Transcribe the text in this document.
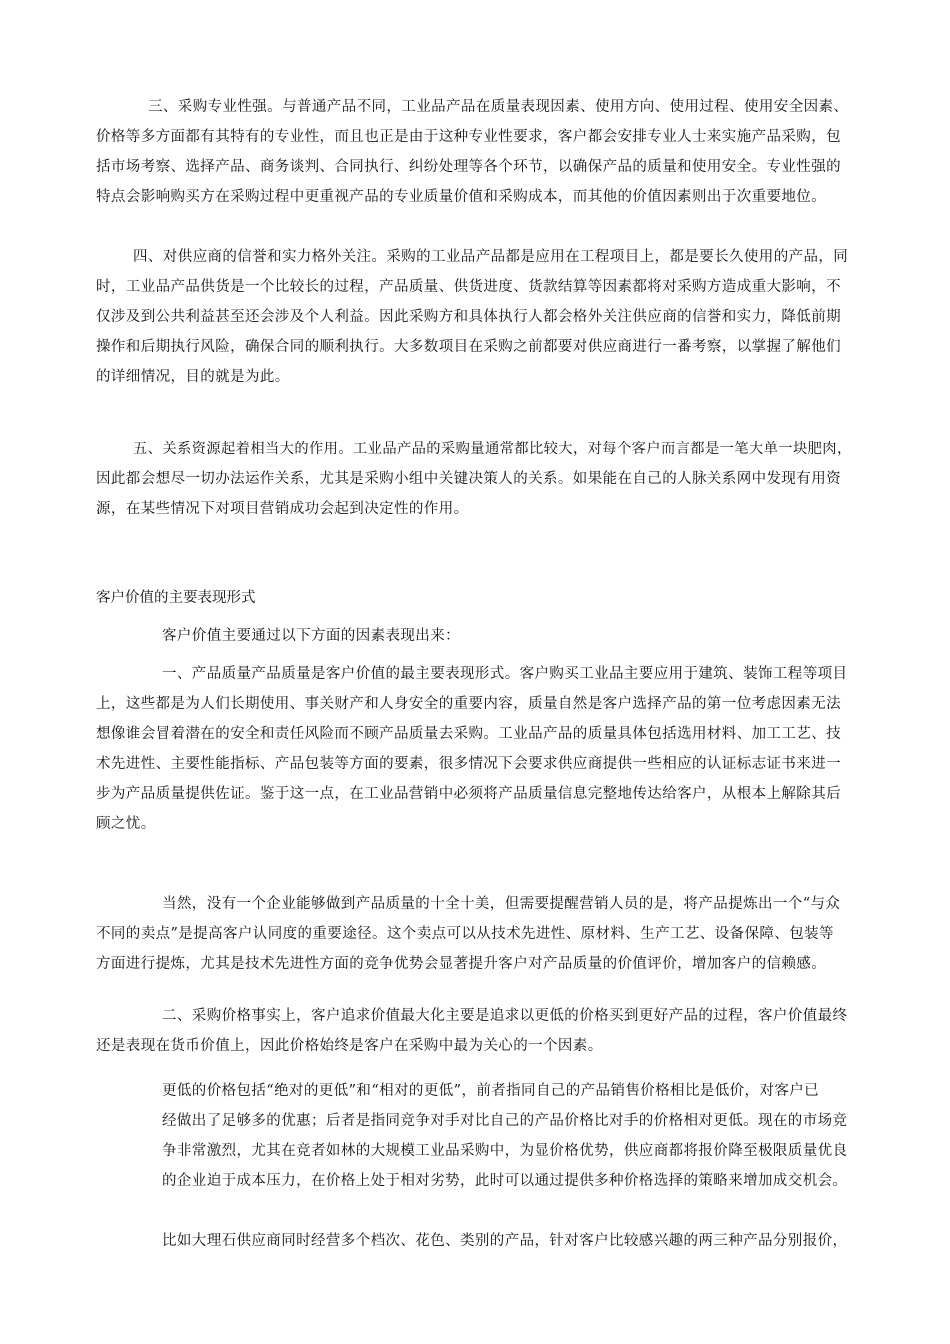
三、采购专业性强。与普通产品不同，工业品产品在质量表现因素、使用方向、使用过程、使用安全因素、
价格等多方面都有其特有的专业性，而且也正是由于这种专业性要求，客户都会安排专业人士来实施产品采购，包
括市场考察、选择产品、商务谈判、合同执行、纠纷处理等各个环节，以确保产品的质量和使用安全。专业性强的
特点会影响购买方在采购过程中更重视产品的专业质量价值和采购成本，而其他的价值因素则出于次重要地位。

四、对供应商的信誉和实力格外关注。采购的工业品产品都是应用在工程项目上，都是要长久使用的产品，同
时，工业品产品供货是一个比较长的过程，产品质量、供货进度、货款结算等因素都将对采购方造成重大影响，不
仅涉及到公共利益甚至还会涉及个人利益。因此采购方和具体执行人都会格外关注供应商的信誉和实力，降低前期
操作和后期执行风险，确保合同的顺利执行。大多数项目在采购之前都要对供应商进行一番考察，以掌握了解他们
的详细情况，目的就是为此。

五、关系资源起着相当大的作用。工业品产品的采购量通常都比较大，对每个客户而言都是一笔大单一块肥肉，
因此都会想尽一切办法运作关系，尤其是采购小组中关键决策人的关系。如果能在自己的人脉关系网中发现有用资
源，在某些情况下对项目营销成功会起到决定性的作用。

客户价值的主要表现形式

客户价值主要通过以下方面的因素表现出来：

一、产品质量产品质量是客户价值的最主要表现形式。客户购买工业品主要应用于建筑、装饰工程等项目
上，这些都是为人们长期使用、事关财产和人身安全的重要内容，质量自然是客户选择产品的第一位考虑因素无法
想像谁会冒着潜在的安全和责任风险而不顾产品质量去采购。工业品产品的质量具体包括选用材料、加工工艺、技
术先进性、主要性能指标、产品包装等方面的要素，很多情况下会要求供应商提供一些相应的认证标志证书来进一
步为产品质量提供佐证。鉴于这一点，在工业品营销中必须将产品质量信息完整地传达给客户，从根本上解除其后
顾之忧。

当然，没有一个企业能够做到产品质量的十全十美，但需要提醒营销人员的是，将产品提炼出一个“与众
不同的卖点”是提高客户认同度的重要途径。这个卖点可以从技术先进性、原材料、生产工艺、设备保障、包装等
方面进行提炼，尤其是技术先进性方面的竞争优势会显著提升客户对产品质量的价值评价，增加客户的信赖感。

二、采购价格事实上，客户追求价值最大化主要是追求以更低的价格买到更好产品的过程，客户价值最终
还是表现在货币价值上，因此价格始终是客户在采购中最为关心的一个因素。

更低的价格包括“绝对的更低”和“相对的更低”，前者指同自己的产品销售价格相比是低价，对客户已
经做出了足够多的优惠；后者是指同竞争对手对比自己的产品价格比对手的价格相对更低。现在的市场竞
争非常激烈，尤其在竞者如林的大规模工业品采购中，为显价格优势，供应商都将报价降至极限质量优良
的企业迫于成本压力，在价格上处于相对劣势，此时可以通过提供多种价格选择的策略来增加成交机会。

比如大理石供应商同时经营多个档次、花色、类别的产品，针对客户比较感兴趣的两三种产品分别报价，
